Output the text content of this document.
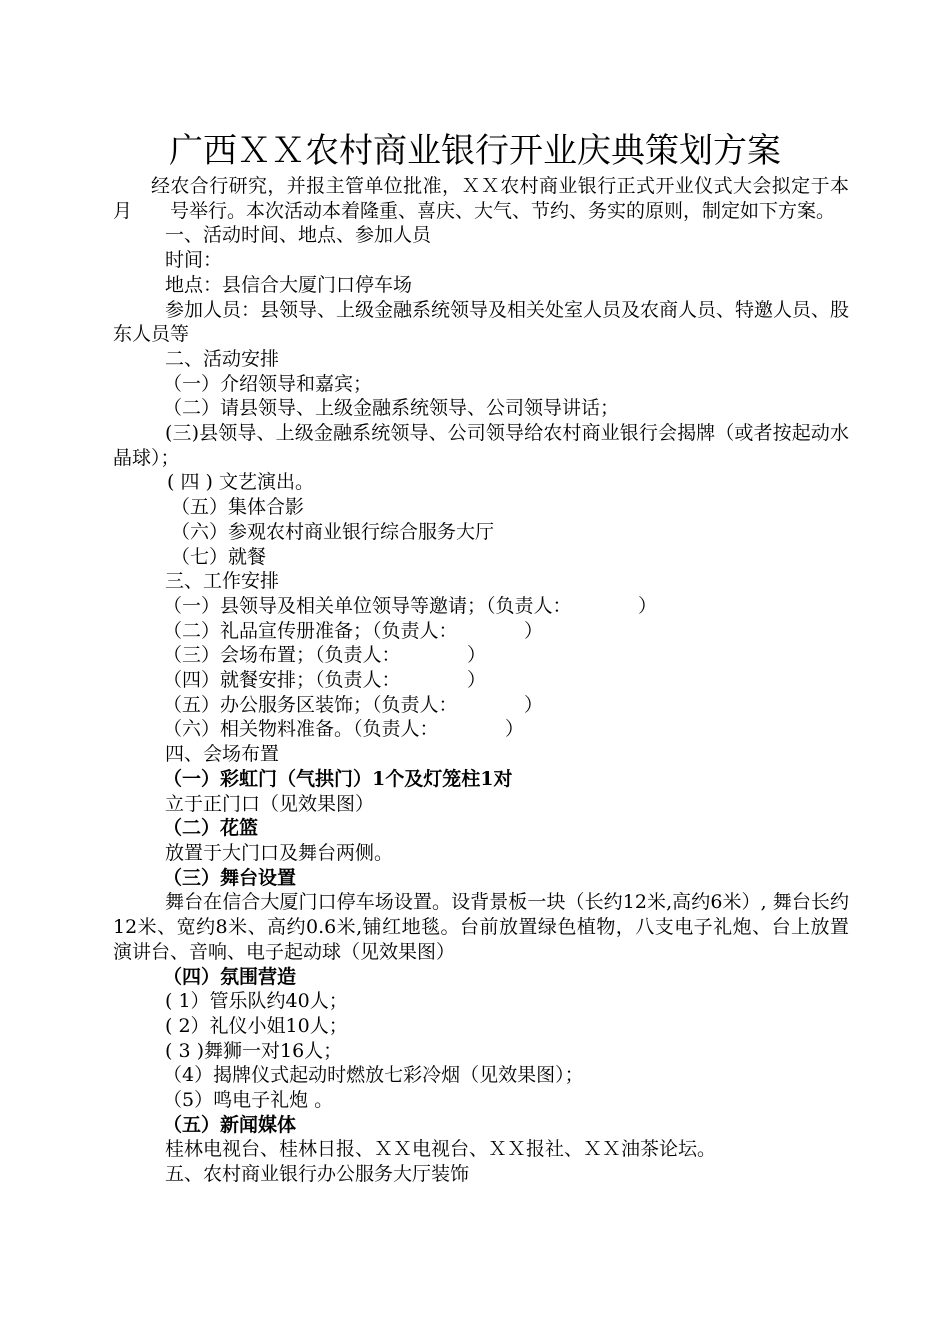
广西ＸＸ农村商业银行开业庆典策划方案

经农合行研究，并报主管单位批准，ＸＸ农村商业银行正式开业仪式大会拟定于本月　　号举行。本次活动本着隆重、喜庆、大气、节约、务实的原则，制定如下方案。

一、活动时间、地点、参加人员

时间：

地点：县信合大厦门口停车场

参加人员：县领导、上级金融系统领导及相关处室人员及农商人员、特邀人员、股东人员等

二、活动安排

（一）介绍领导和嘉宾；

（二）请县领导、上级金融系统领导、公司领导讲话；

(三)县领导、上级金融系统领导、公司领导给农村商业银行会揭牌（或者按起动水晶球）；

( 四 ) 文艺演出。

（五）集体合影

（六）参观农村商业银行综合服务大厅

（七）就餐

三、工作安排

（一）县领导及相关单位领导等邀请；（负责人：　　　　）

（二）礼品宣传册准备；（负责人：　　　　）

（三）会场布置；（负责人：　　　　）

（四）就餐安排；（负责人：　　　　）

（五）办公服务区装饰；（负责人：　　　　）

（六）相关物料准备。（负责人：　　　　）

四、会场布置

（一）彩虹门（气拱门）1个及灯笼柱1对

立于正门口（见效果图）

（二）花篮

放置于大门口及舞台两侧。

（三）舞台设置

舞台在信合大厦门口停车场设置。设背景板一块（长约12米,高约6米）, 舞台长约12米、宽约8米、高约0.6米,铺红地毯。台前放置绿色植物，八支电子礼炮、台上放置演讲台、音响、电子起动球（见效果图）

（四）氛围营造

( 1）管乐队约40人；

( 2）礼仪小姐10人；

( 3 )舞狮一对16人；

（4）揭牌仪式起动时燃放七彩冷烟（见效果图）；

（5）鸣电子礼炮 。

（五）新闻媒体

桂林电视台、桂林日报、ＸＸ电视台、ＸＸ报社、ＸＸ油茶论坛。

五、农村商业银行办公服务大厅装饰
